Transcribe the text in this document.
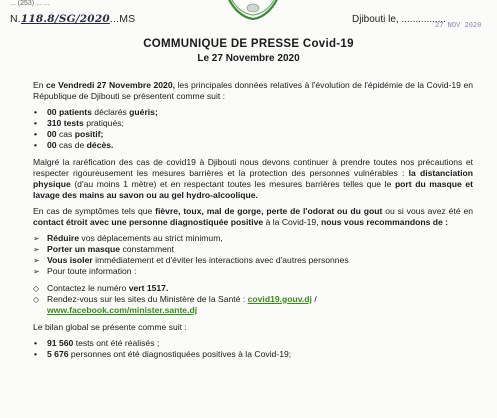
... (253) ... ...
N.118.8/SG/2020...MS	Djibouti le, ................
27 NOV 2020
COMMUNIQUE DE PRESSE Covid-19
Le 27 Novembre 2020

En ce Vendredi 27 Novembre 2020, les principales données relatives à l'évolution de l'épidémie de la Covid-19 en République de Djibouti se présentent comme suit :

• 00 patients déclarés guéris;
• 310 tests pratiqués;
• 00 cas positif;
• 00 cas de décès.

Malgré la raréfication des cas de covid19 à Djibouti nous devons continuer à prendre toutes nos précautions et respecter rigoureusement les mesures barrières et la protection des personnes vulnérables : la distanciation physique (d'au moins 1 mètre) et en respectant toutes les mesures barrières telles que le port du masque et lavage des mains au savon ou au gel hydro-alcoolique.

En cas de symptômes tels que fièvre, toux, mal de gorge, perte de l'odorat ou du gout ou si vous avez été en contact étroit avec une personne diagnostiquée positive à la Covid-19, nous vous recommandons de :

➢ Réduire vos déplacements au strict minimum,
➢ Porter un masque constamment
➢ Vous isoler immédiatement et d'éviter les interactions avec d'autres personnes
➢ Pour toute information :
◇ Contactez le numéro vert 1517.
◇ Rendez-vous sur les sites du Ministère de la Santé : covid19.gouv.dj /
www.facebook.com/minister.sante.dj

Le bilan global se présente comme suit :

• 91 560 tests ont été réalisés ;
• 5 676 personnes ont été diagnostiquées positives à la Covid-19;
